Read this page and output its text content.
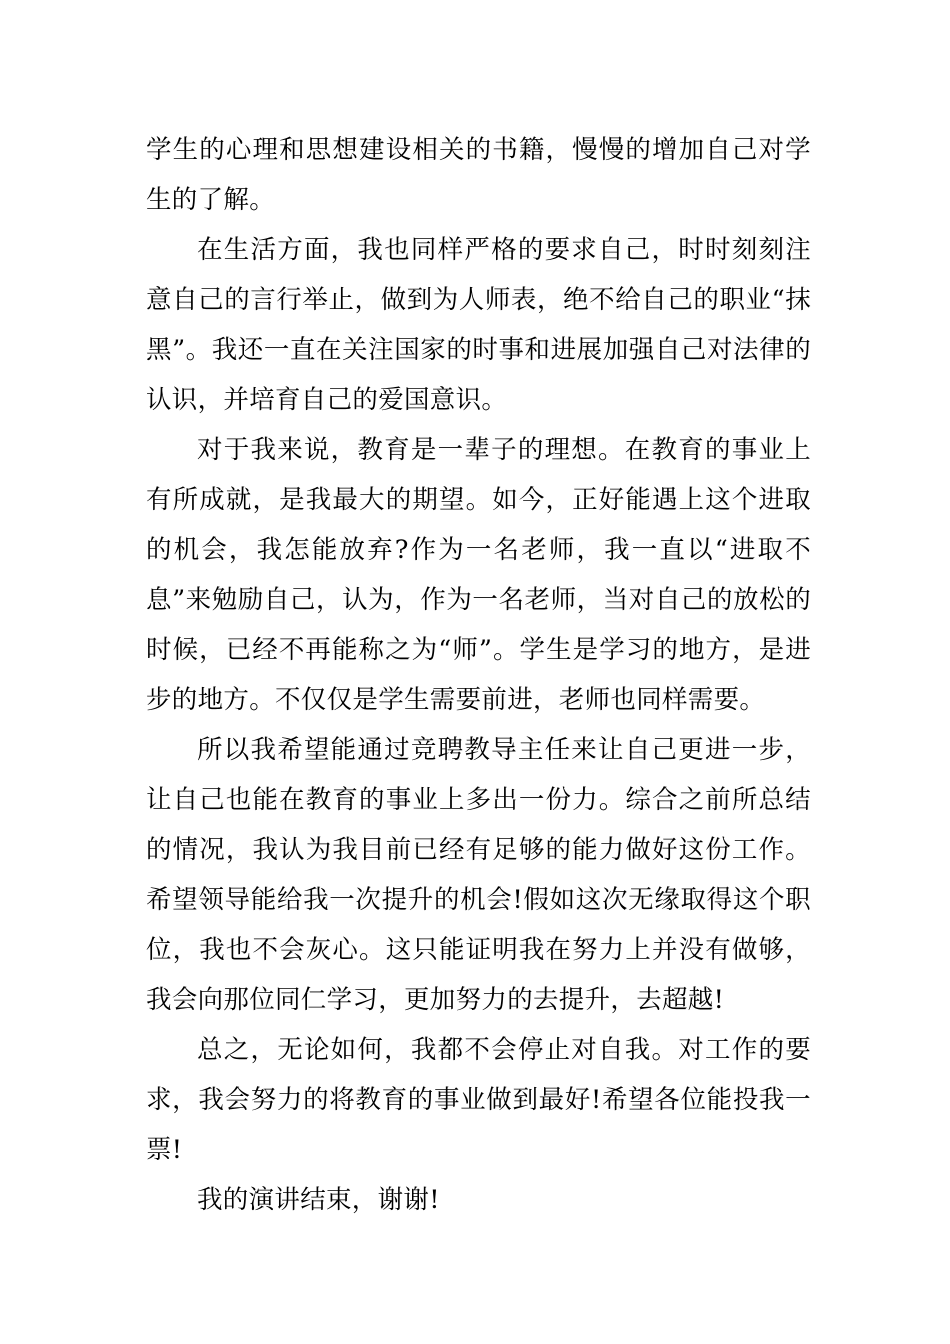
学生的心理和思想建设相关的书籍，慢慢的增加自己对学生的了解。

在生活方面，我也同样严格的要求自己，时时刻刻注意自己的言行举止，做到为人师表，绝不给自己的职业“抹黑”。我还一直在关注国家的时事和进展加强自己对法律的认识，并培育自己的爱国意识。

对于我来说，教育是一辈子的理想。在教育的事业上有所成就，是我最大的期望。如今，正好能遇上这个进取的机会，我怎能放弃?作为一名老师，我一直以“进取不息”来勉励自己，认为，作为一名老师，当对自己的放松的时候，已经不再能称之为“师”。学生是学习的地方，是进步的地方。不仅仅是学生需要前进，老师也同样需要。

所以我希望能通过竞聘教导主任来让自己更进一步，让自己也能在教育的事业上多出一份力。综合之前所总结的情况，我认为我目前已经有足够的能力做好这份工作。希望领导能给我一次提升的机会!假如这次无缘取得这个职位，我也不会灰心。这只能证明我在努力上并没有做够，我会向那位同仁学习，更加努力的去提升，去超越!

总之，无论如何，我都不会停止对自我。对工作的要求，我会努力的将教育的事业做到最好!希望各位能投我一票!

我的演讲结束，谢谢!
